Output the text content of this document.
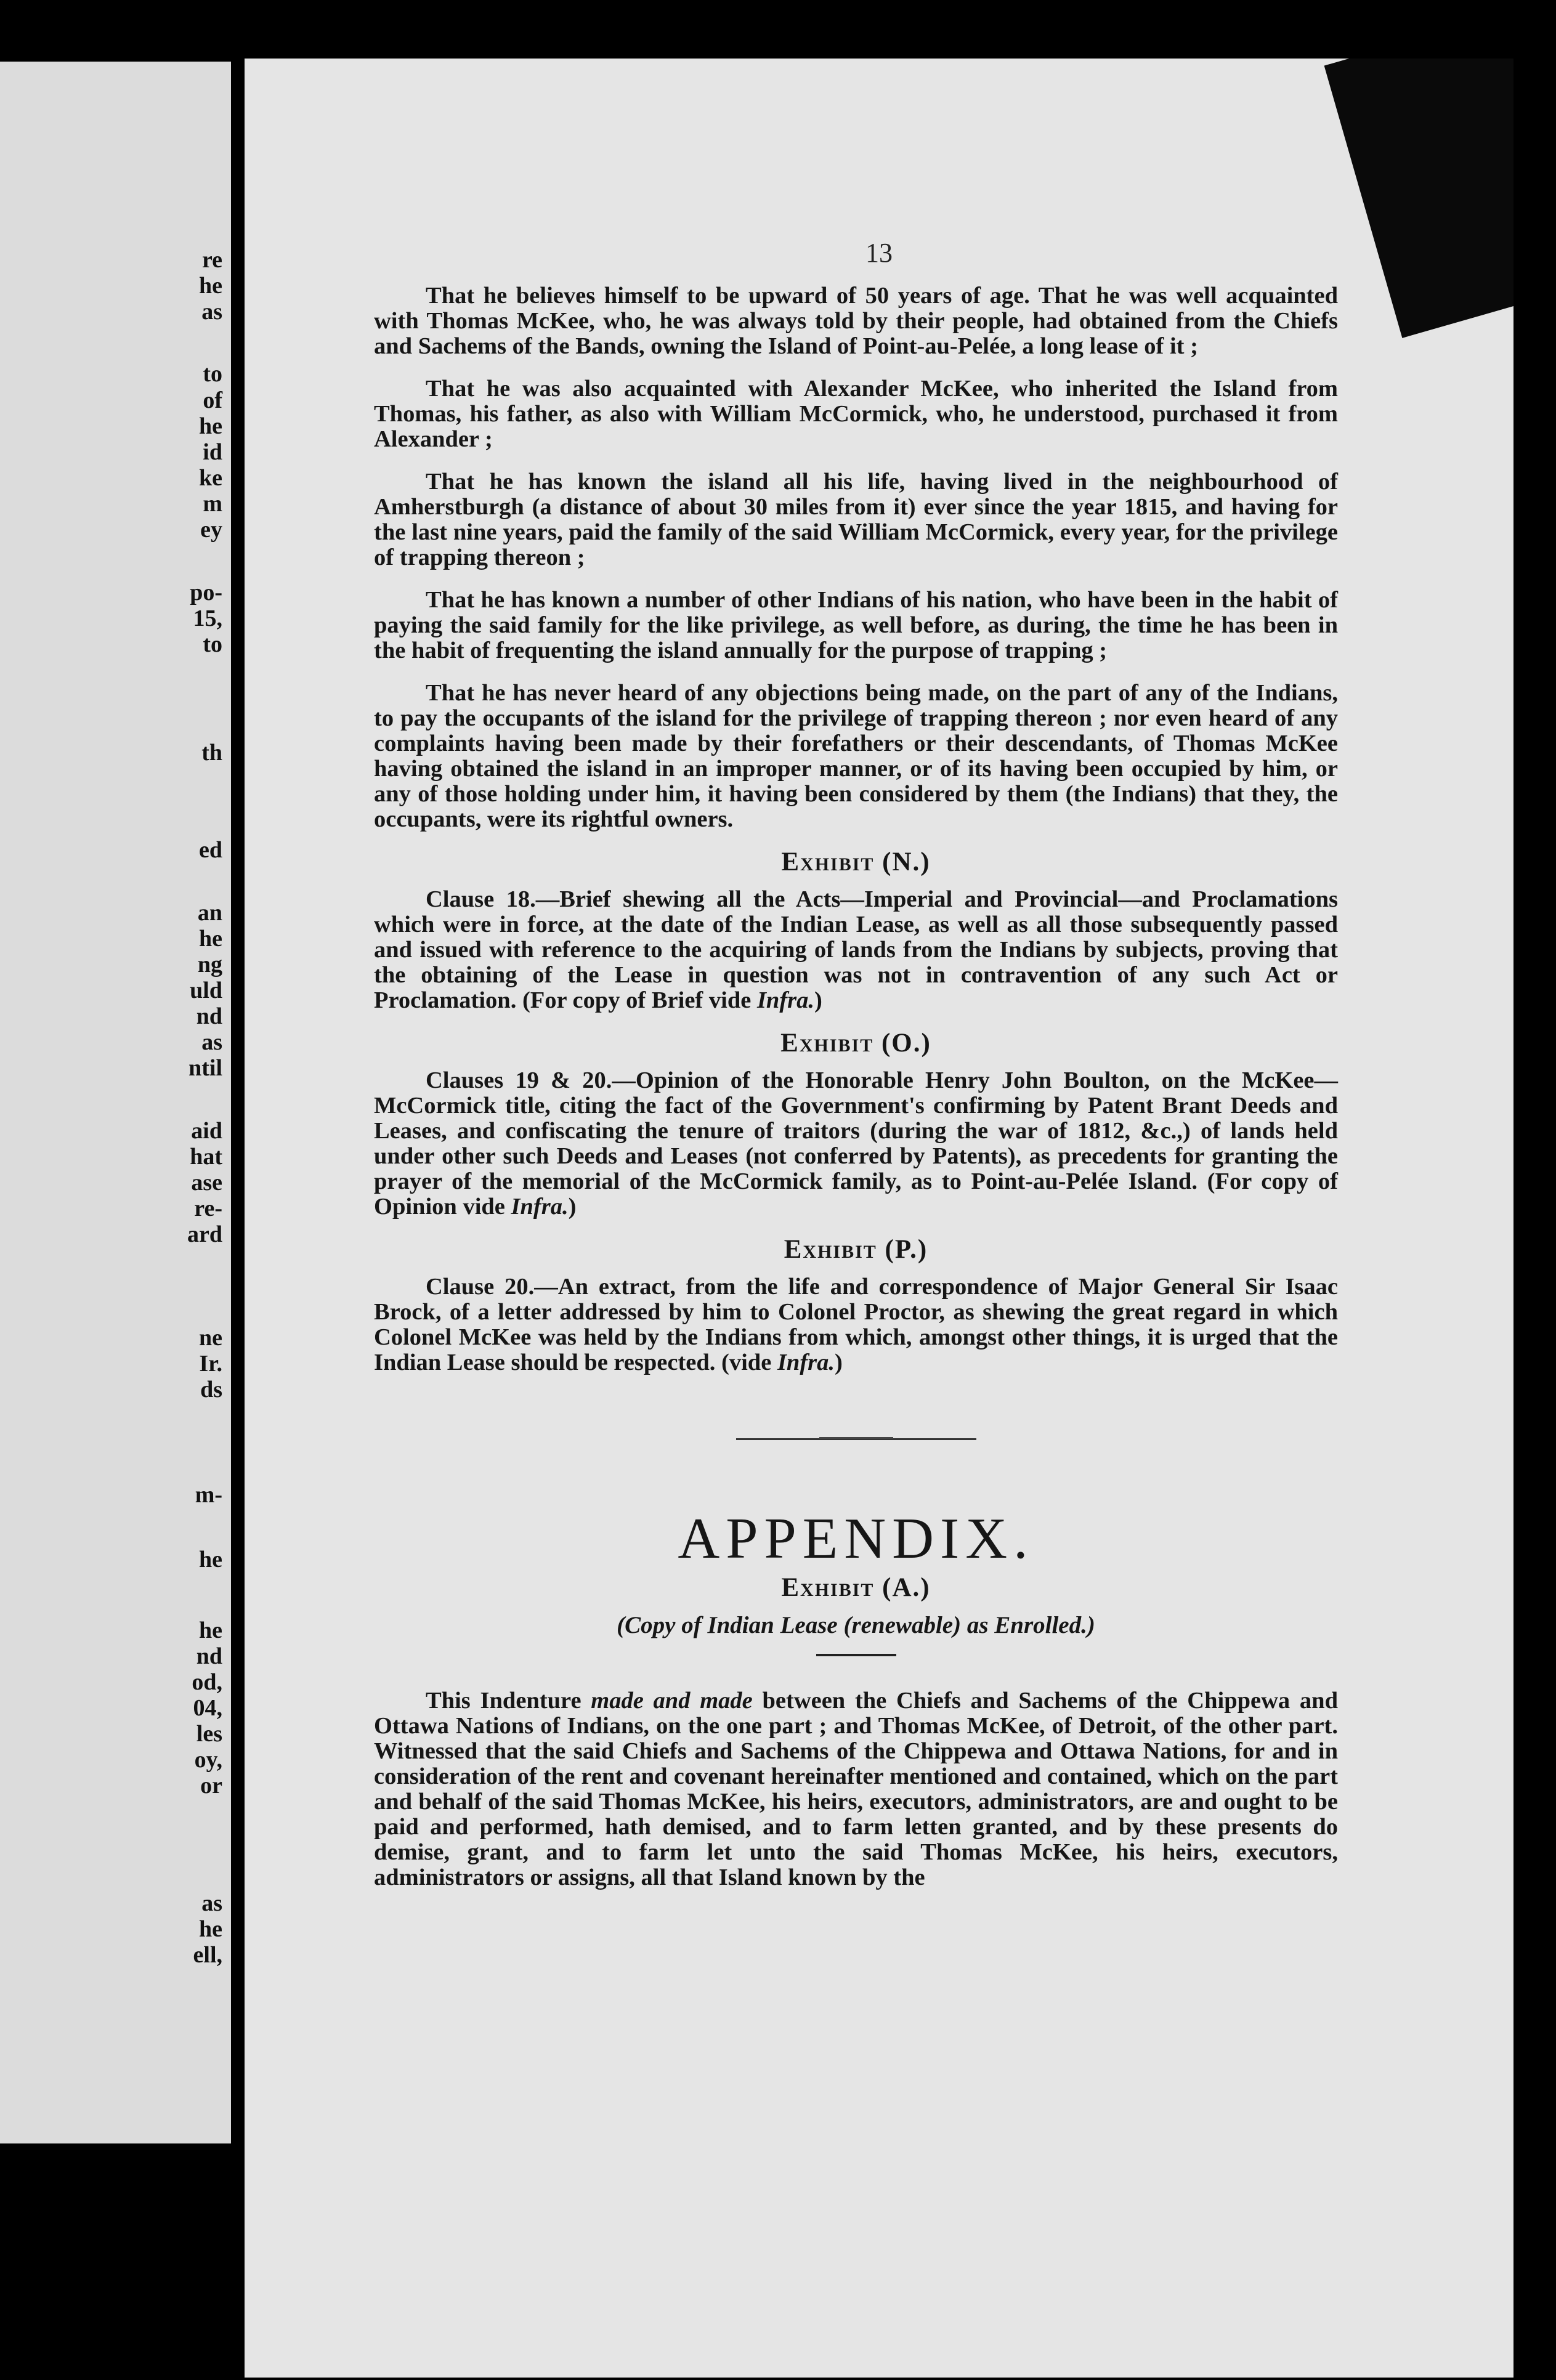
re
he
as
to
of
he
id
ke
m
ey
po-
15,
to
th
ed
an
he
ng
uld
nd
as
ntil
aid
hat
ase
re-
ard
ne
Ir.
ds
m-
he
he
nd
od,
04,
les
oy,
or
as
he
ell,
13

That he believes himself to be upward of 50 years of age. That he was well acquainted with Thomas McKee, who, he was always told by their people, had obtained from the Chiefs and Sachems of the Bands, owning the Island of Point-au-Pelée, a long lease of it ;

That he was also acquainted with Alexander McKee, who inherited the Island from Thomas, his father, as also with William McCormick, who, he understood, purchased it from Alexander ;

That he has known the island all his life, having lived in the neighbourhood of Amherstburgh (a distance of about 30 miles from it) ever since the year 1815, and having for the last nine years, paid the family of the said William McCormick, every year, for the privilege of trapping thereon ;

That he has known a number of other Indians of his nation, who have been in the habit of paying the said family for the like privilege, as well before, as during, the time he has been in the habit of frequenting the island annually for the purpose of trapping ;

That he has never heard of any objections being made, on the part of any of the Indians, to pay the occupants of the island for the privilege of trapping thereon ; nor even heard of any complaints having been made by their forefathers or their descendants, of Thomas McKee having obtained the island in an improper manner, or of its having been occupied by him, or any of those holding under him, it having been considered by them (the Indians) that they, the occupants, were its rightful owners.

Exhibit (N.)

Clause 18.—Brief shewing all the Acts—Imperial and Provincial—and Proclamations which were in force, at the date of the Indian Lease, as well as all those subsequently passed and issued with reference to the acquiring of lands from the Indians by subjects, proving that the obtaining of the Lease in question was not in contravention of any such Act or Proclamation. (For copy of Brief vide Infra.)

Exhibit (O.)

Clauses 19 & 20.—Opinion of the Honorable Henry John Boulton, on the McKee—McCormick title, citing the fact of the Government's confirming by Patent Brant Deeds and Leases, and confiscating the tenure of traitors (during the war of 1812, &c.,) of lands held under other such Deeds and Leases (not conferred by Patents), as precedents for granting the prayer of the memorial of the McCormick family, as to Point-au-Pelée Island. (For copy of Opinion vide Infra.)

Exhibit (P.)

Clause 20.—An extract, from the life and correspondence of Major General Sir Isaac Brock, of a letter addressed by him to Colonel Proctor, as shewing the great regard in which Colonel McKee was held by the Indians from which, amongst other things, it is urged that the Indian Lease should be respected. (vide Infra.)

APPENDIX.
Exhibit (A.)
(Copy of Indian Lease (renewable) as Enrolled.)

This Indenture made and made between the Chiefs and Sachems of the Chippewa and Ottawa Nations of Indians, on the one part ; and Thomas McKee, of Detroit, of the other part. Witnessed that the said Chiefs and Sachems of the Chippewa and Ottawa Nations, for and in consideration of the rent and covenant hereinafter mentioned and contained, which on the part and behalf of the said Thomas McKee, his heirs, executors, administrators, are and ought to be paid and performed, hath demised, and to farm letten granted, and by these presents do demise, grant, and to farm let unto the said Thomas McKee, his heirs, executors, administrators or assigns, all that Island known by the
